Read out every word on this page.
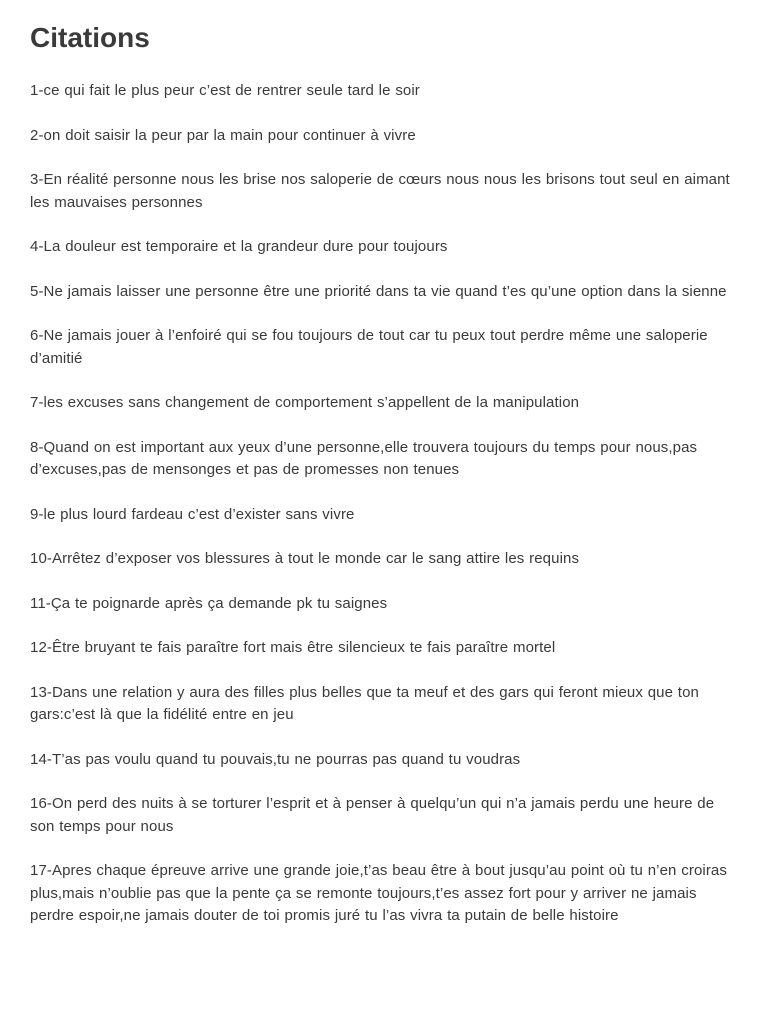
Citations
1-ce qui fait le plus peur c’est de rentrer seule tard le soir
2-on doit saisir la peur par la main pour continuer à vivre
3-En réalité personne nous les brise nos saloperie de cœurs nous nous les brisons tout seul en aimant les mauvaises personnes
4-La douleur est temporaire et la grandeur dure pour toujours
5-Ne jamais laisser une personne être une priorité dans ta vie quand t’es qu’une option dans la sienne
6-Ne jamais jouer à l’enfoiré qui se fou toujours de tout car tu peux tout perdre même une saloperie d’amitié
7-les excuses sans changement de comportement s’appellent de la manipulation
8-Quand on est important aux yeux d’une personne,elle trouvera toujours du temps pour nous,pas d’excuses,pas de mensonges et pas de promesses non tenues
9-le plus lourd fardeau c’est d’exister sans vivre
10-Arrêtez d’exposer vos blessures à tout le monde car le sang attire les requins
11-Ça te poignarde après ça demande pk tu saignes
12-Être bruyant te fais paraître fort mais être silencieux te fais paraître mortel
13-Dans une relation y aura des filles plus belles que ta meuf et des gars qui feront mieux que ton gars:c’est là que la fidélité entre en jeu
14-T’as pas voulu quand tu pouvais,tu ne pourras pas quand tu voudras
16-On perd des nuits à se torturer l’esprit et à penser à quelqu’un qui n’a jamais perdu une heure de son temps pour nous
17-Apres chaque épreuve arrive une grande joie,t’as beau être à bout jusqu’au point où tu n’en croiras plus,mais n’oublie pas que la pente ça se remonte toujours,t’es assez fort pour y arriver ne jamais perdre espoir,ne jamais douter de toi promis juré tu l’as vivra ta putain de belle histoire
